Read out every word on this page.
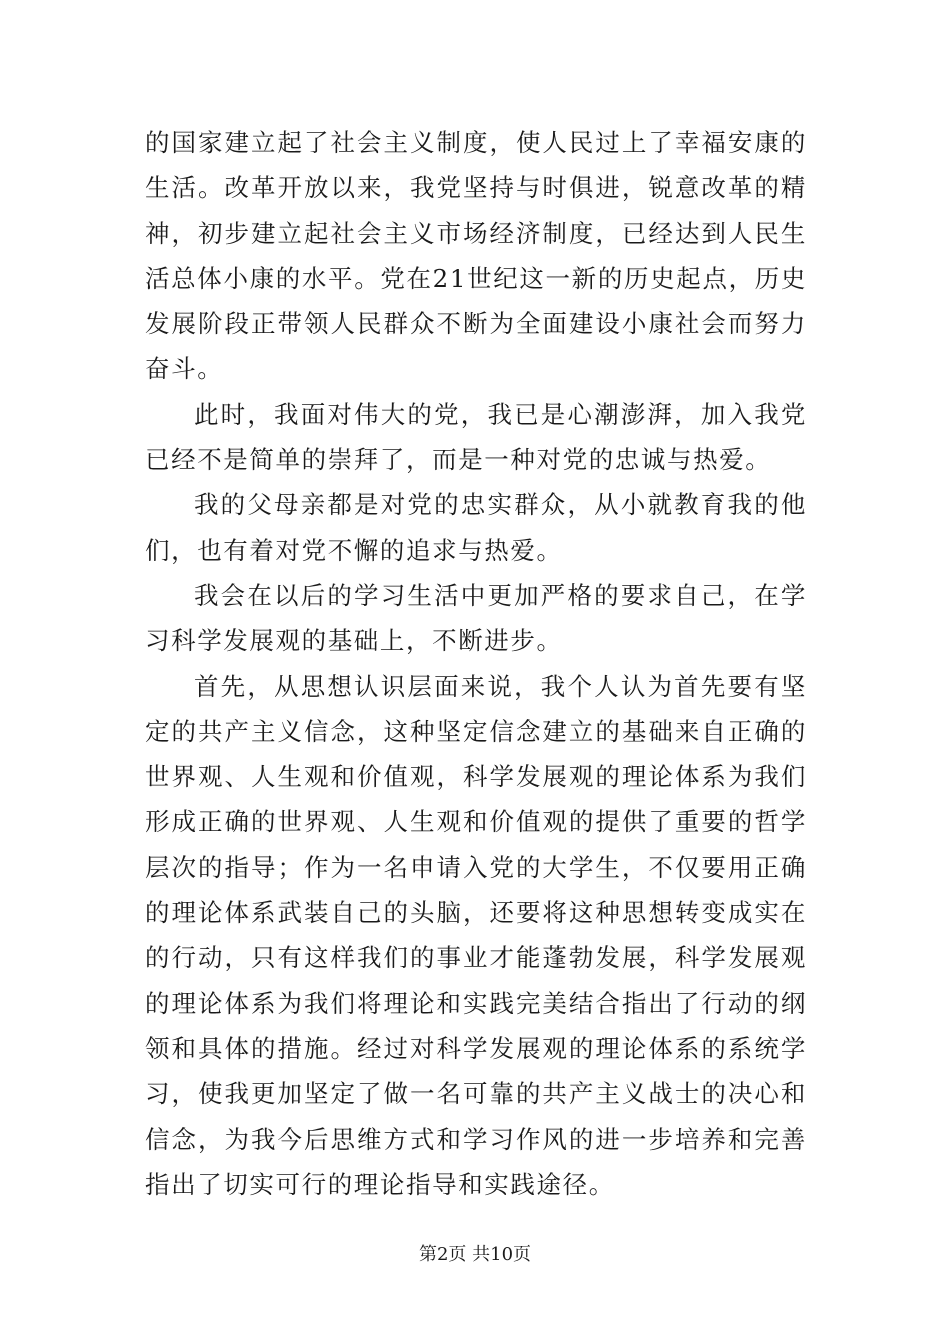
的国家建立起了社会主义制度，使人民过上了幸福安康的生活。改革开放以来，我党坚持与时俱进，锐意改革的精神，初步建立起社会主义市场经济制度，已经达到人民生活总体小康的水平。党在21世纪这一新的历史起点，历史发展阶段正带领人民群众不断为全面建设小康社会而努力奋斗。

此时，我面对伟大的党，我已是心潮澎湃，加入我党已经不是简单的崇拜了，而是一种对党的忠诚与热爱。

我的父母亲都是对党的忠实群众，从小就教育我的他们，也有着对党不懈的追求与热爱。

我会在以后的学习生活中更加严格的要求自己，在学习科学发展观的基础上，不断进步。

首先，从思想认识层面来说，我个人认为首先要有坚定的共产主义信念，这种坚定信念建立的基础来自正确的世界观、人生观和价值观，科学发展观的理论体系为我们形成正确的世界观、人生观和价值观的提供了重要的哲学层次的指导；作为一名申请入党的大学生，不仅要用正确的理论体系武装自己的头脑，还要将这种思想转变成实在的行动，只有这样我们的事业才能蓬勃发展，科学发展观的理论体系为我们将理论和实践完美结合指出了行动的纲领和具体的措施。经过对科学发展观的理论体系的系统学习，使我更加坚定了做一名可靠的共产主义战士的决心和信念，为我今后思维方式和学习作风的进一步培养和完善指出了切实可行的理论指导和实践途径。

第2页 共10页
